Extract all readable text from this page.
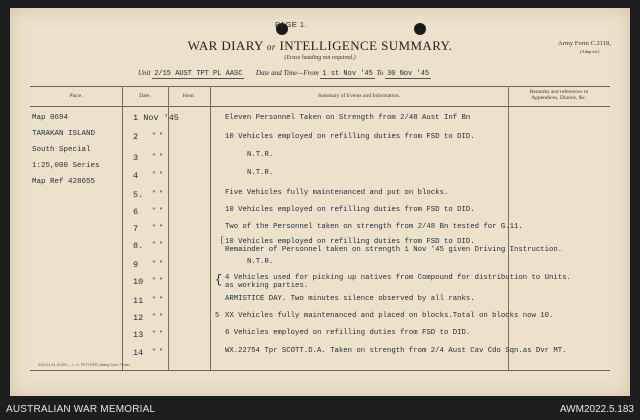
PAGE 1.
WAR DIARY or INTELLIGENCE SUMMARY.
(Erase heading not required.)
Army Form C.2118,
(Adap ed.)
Unit 2/15 AUST TPT PL AASC Date and Time—From 1 st Nov '45 To 30 Nov '45
Place.	Date.	Hour.	Summary of Events and Information.
Remarks and references to
Appendices, Diaries, &c.
Map 0694
TARAKAN ISLAND
South Special
1:25,000 Series
Map Ref 428655
1 Nov '45	Eleven Personnel Taken on Strength from 2/48 Aust Inf Bn
2 " "	10 Vehicles employed on refilling duties from FSD to DID.
3 " "	N.T.R.
4 " "	N.T.R.
5. " "	Five Vehicles fully maintenanced and put on blocks.
6 " "	10 Vehicles employed on refilling duties from FSD to DID.
7 " "	Two of the Personnel taken on strength from 2/48 Bn tested for G.11.
8. " "	[ 10 Vehicles employed on refilling duties from FSD to DID.
Remainder of Personnel taken on strength 1 Nov '45 given Driving Instruction.
9 " "	N.T.R.
10 " "	{ 4 Vehicles used for picking up natives from Compound for distribution to Units.
as working parties.
11 " "	ARMISTICE DAY. Two minutes silence observed by all ranks.
12 " "	5 XX Vehicles fully maintenanced and placed on blocks.Total on blocks now 10.
13 " "	6 Vehicles employed on refilling duties from FSD to DID.
14 " "	WX.22754 Tpr SCOTT.D.A. Taken on strength from 2/4 Aust Cav Cdo Sqn.as Dvr MT.
9163 11.43 10,000 — L. H. PETTIFER, Acting Govt. Printer.
AUSTRALIAN WAR MEMORIAL	AWM2022.5.183
